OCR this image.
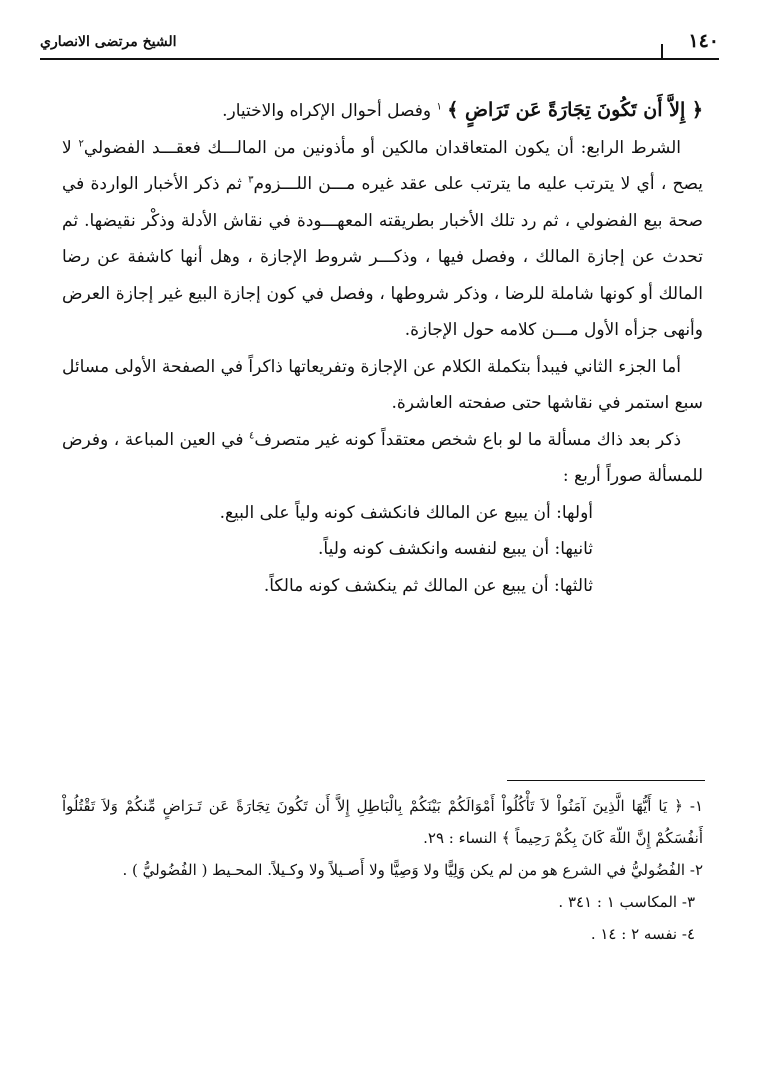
١٤٠
الشيخ مرتضى الانصاري

﴿ إِلاَّ أَن تَكُونَ تِجَارَةً عَن تَرَاضٍ ﴾ $^١$ وفصل أحوال الإكراه والاختيار.

الشرط الرابع: أن يكون المتعاقدان مالكين أو مأذونين من المالـــك فعقـــد الفضولي$^٢$ لا يصح ، أي لا يترتب عليه ما يترتب على عقد غيره مـــن اللـــزوم$^٣$ ثم ذكر الأخبار الواردة في صحة بيع الفضولي ، ثم رد تلك الأخبار بطريقته المعهـــودة في نقاش الأدلة وذكْر نقيضها. ثم تحدث عن إجازة المالك ، وفصل فيها ، وذكـــر شروط الإجازة ، وهل أنها كاشفة عن رضا المالك أو كونها شاملة للرضا ، وذكر شروطها ، وفصل في كون إجازة البيع غير إجازة العرض وأنهى جزأه الأول مـــن كلامه حول الإجازة.

أما الجزء الثاني فيبدأ بتكملة الكلام عن الإجازة وتفريعاتها ذاكراً في الصفحة الأولى مسائل سبع استمر في نقاشها حتى صفحته العاشرة.

ذكر بعد ذاك مسألة ما لو باع شخص معتقداً كونه غير متصرف$^٤$ في العين المباعة ، وفرض للمسألة صوراً أربع :

أولها: أن يبيع عن المالك فانكشف كونه ولياً على البيع.

ثانيها: أن يبيع لنفسه وانكشف كونه ولياً.

ثالثها: أن يبيع عن المالك ثم ينكشف كونه مالكاً.

١- ﴿ يَا أَيُّهَا الَّذِينَ آمَنُواْ لاَ تَأْكُلُواْ أَمْوَالَكُمْ بَيْنَكُمْ بِالْبَاطِلِ إِلاَّ أَن تَكُونَ تِجَارَةً عَن تَـرَاضٍ مِّنكُمْ وَلاَ تَقْتُلُواْ أَنفُسَكُمْ إِنَّ اللّهَ كَانَ بِكُمْ رَحِيماً ﴾ النساء : ٢٩.

٢- الفُضُوليُّ في الشرع هو من لم يكن وَلِيًّا ولا وَصِيًّا ولا أَصـيلاً ولا وكـيلاً. المحـيط ( الفُضُوليُّ ) .

٣- المكاسب ١ : ٣٤١ .

٤- نفسه ٢ : ١٤ .
